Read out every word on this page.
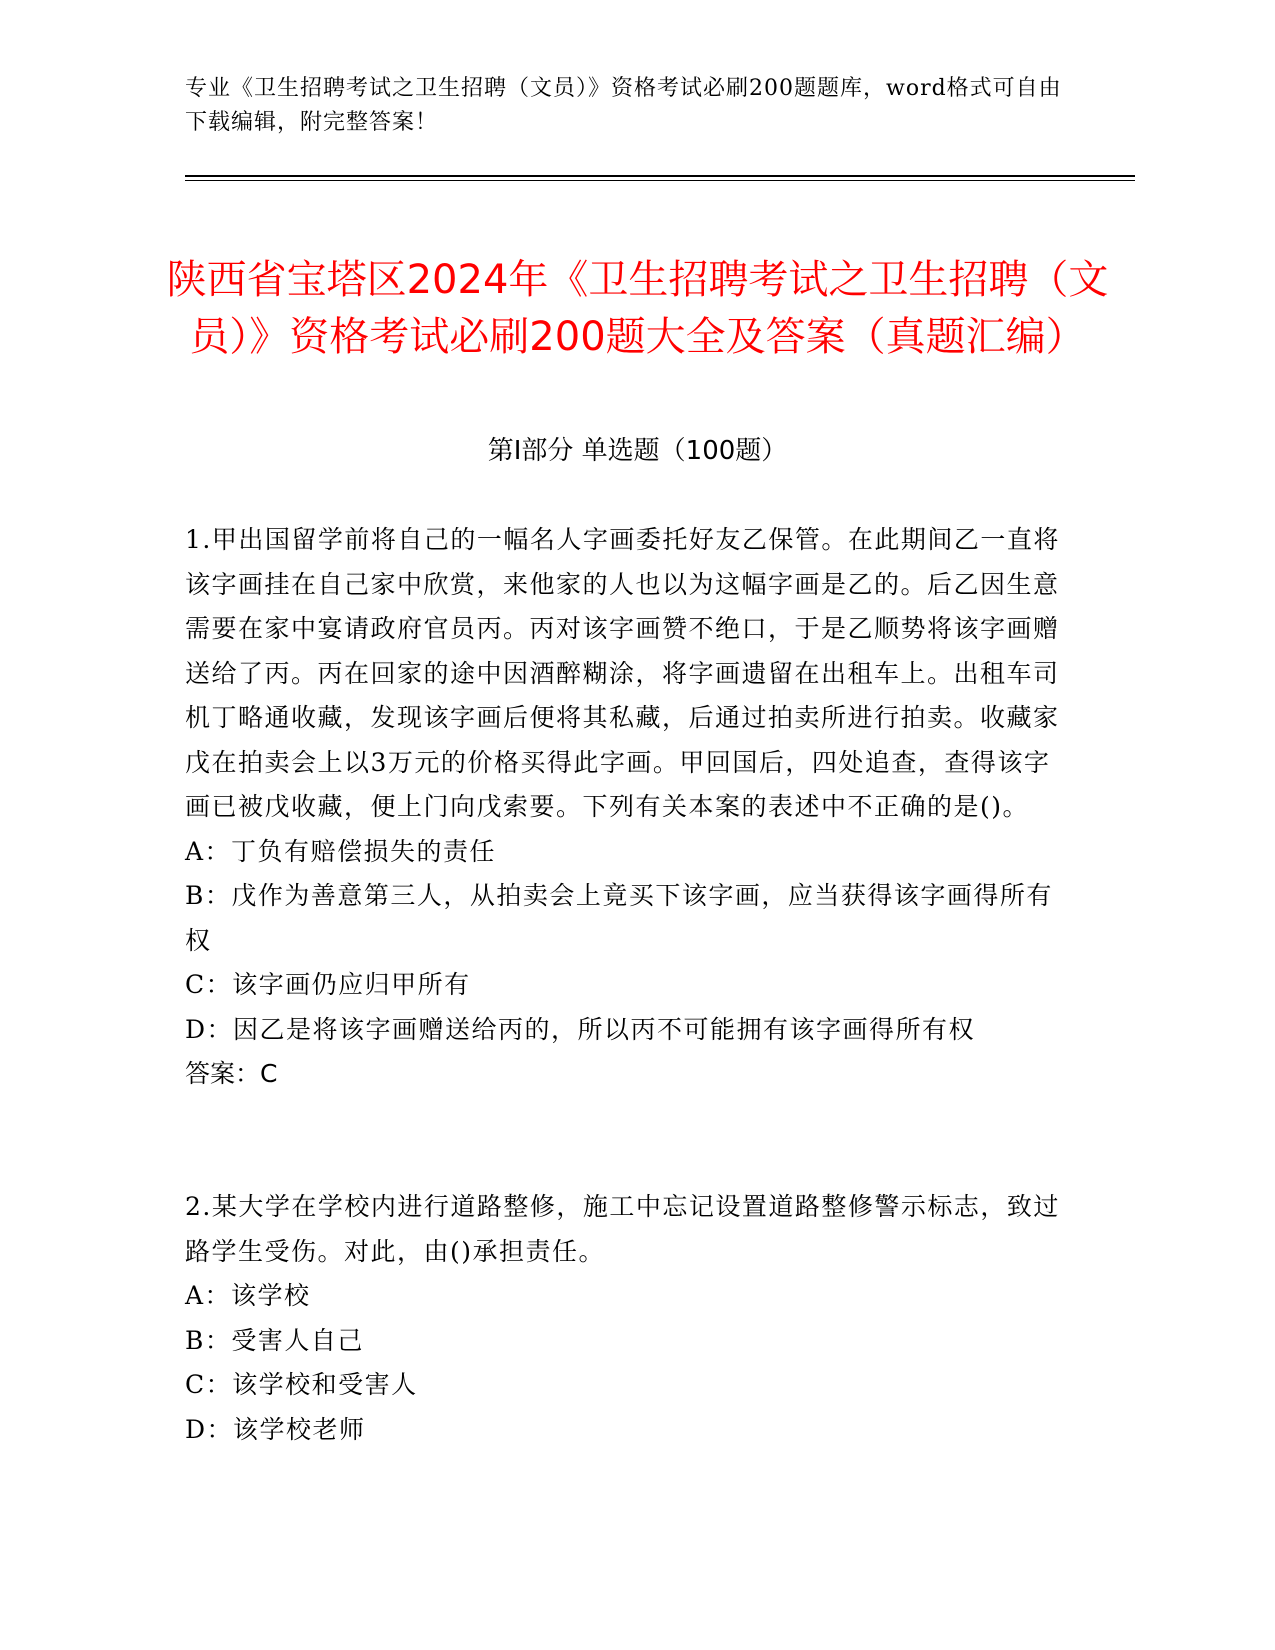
专业《卫生招聘考试之卫生招聘（文员）》资格考试必刷200题题库，word格式可自由下载编辑，附完整答案！
陕西省宝塔区2024年《卫生招聘考试之卫生招聘（文员）》资格考试必刷200题大全及答案（真题汇编）
第Ⅰ部分 单选题（100题）

1.甲出国留学前将自己的一幅名人字画委托好友乙保管。在此期间乙一直将该字画挂在自己家中欣赏，来他家的人也以为这幅字画是乙的。后乙因生意需要在家中宴请政府官员丙。丙对该字画赞不绝口，于是乙顺势将该字画赠送给了丙。丙在回家的途中因酒醉糊涂，将字画遗留在出租车上。出租车司机丁略通收藏，发现该字画后便将其私藏，后通过拍卖所进行拍卖。收藏家戊在拍卖会上以3万元的价格买得此字画。甲回国后，四处追查，查得该字画已被戊收藏，便上门向戊索要。下列有关本案的表述中不正确的是()。

A：丁负有赔偿损失的责任

B：戊作为善意第三人，从拍卖会上竟买下该字画，应当获得该字画得所有权

C：该字画仍应归甲所有

D：因乙是将该字画赠送给丙的，所以丙不可能拥有该字画得所有权

答案：C

2.某大学在学校内进行道路整修，施工中忘记设置道路整修警示标志，致过路学生受伤。对此，由()承担责任。

A：该学校

B：受害人自己

C：该学校和受害人

D：该学校老师
